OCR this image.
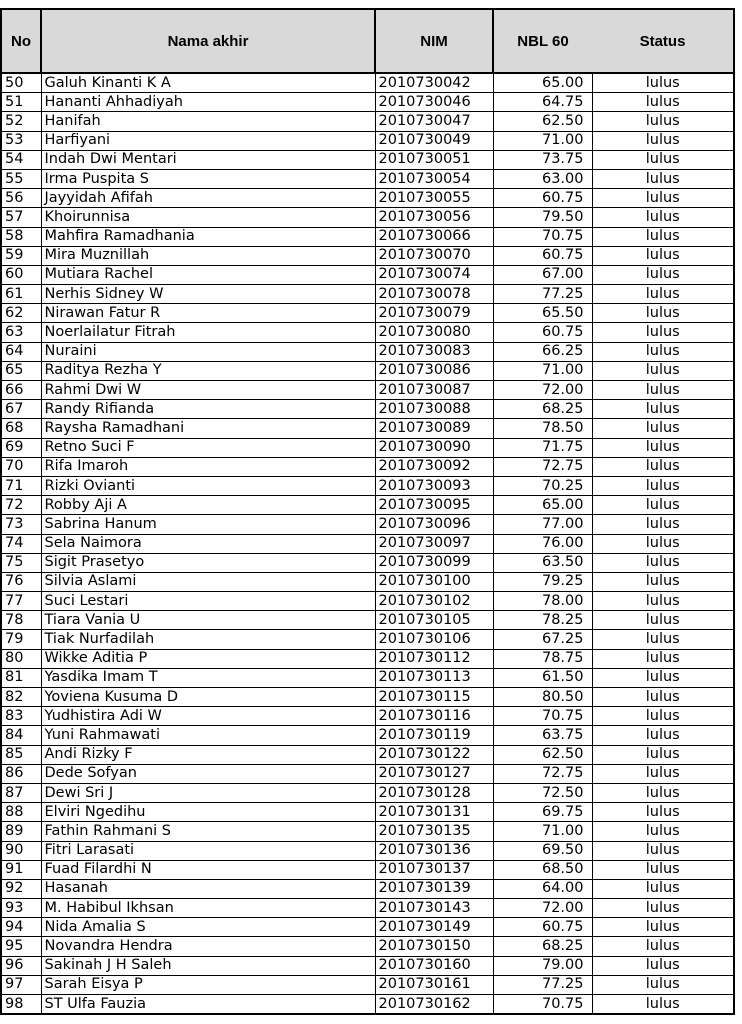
No	Nama akhir	NIM	NBL 60	Status
50	Galuh Kinanti K A	2010730042	65.00	lulus
51	Hananti Ahhadiyah	2010730046	64.75	lulus
52	Hanifah	2010730047	62.50	lulus
53	Harfiyani	2010730049	71.00	lulus
54	Indah Dwi Mentari	2010730051	73.75	lulus
55	Irma Puspita S	2010730054	63.00	lulus
56	Jayyidah Afifah	2010730055	60.75	lulus
57	Khoirunnisa	2010730056	79.50	lulus
58	Mahfira Ramadhania	2010730066	70.75	lulus
59	Mira Muznillah	2010730070	60.75	lulus
60	Mutiara Rachel	2010730074	67.00	lulus
61	Nerhis Sidney W	2010730078	77.25	lulus
62	Nirawan Fatur R	2010730079	65.50	lulus
63	Noerlailatur Fitrah	2010730080	60.75	lulus
64	Nuraini	2010730083	66.25	lulus
65	Raditya Rezha Y	2010730086	71.00	lulus
66	Rahmi Dwi W	2010730087	72.00	lulus
67	Randy Rifianda	2010730088	68.25	lulus
68	Raysha Ramadhani	2010730089	78.50	lulus
69	Retno Suci F	2010730090	71.75	lulus
70	Rifa Imaroh	2010730092	72.75	lulus
71	Rizki Ovianti	2010730093	70.25	lulus
72	Robby Aji A	2010730095	65.00	lulus
73	Sabrina Hanum	2010730096	77.00	lulus
74	Sela Naimora	2010730097	76.00	lulus
75	Sigit Prasetyo	2010730099	63.50	lulus
76	Silvia Aslami	2010730100	79.25	lulus
77	Suci Lestari	2010730102	78.00	lulus
78	Tiara Vania U	2010730105	78.25	lulus
79	Tiak Nurfadilah	2010730106	67.25	lulus
80	Wikke Aditia P	2010730112	78.75	lulus
81	Yasdika Imam T	2010730113	61.50	lulus
82	Yoviena Kusuma D	2010730115	80.50	lulus
83	Yudhistira Adi W	2010730116	70.75	lulus
84	Yuni Rahmawati	2010730119	63.75	lulus
85	Andi Rizky F	2010730122	62.50	lulus
86	Dede Sofyan	2010730127	72.75	lulus
87	Dewi Sri J	2010730128	72.50	lulus
88	Elviri Ngedihu	2010730131	69.75	lulus
89	Fathin Rahmani S	2010730135	71.00	lulus
90	Fitri Larasati	2010730136	69.50	lulus
91	Fuad Filardhi N	2010730137	68.50	lulus
92	Hasanah	2010730139	64.00	lulus
93	M. Habibul Ikhsan	2010730143	72.00	lulus
94	Nida Amalia S	2010730149	60.75	lulus
95	Novandra Hendra	2010730150	68.25	lulus
96	Sakinah J H Saleh	2010730160	79.00	lulus
97	Sarah Eisya P	2010730161	77.25	lulus
98	ST Ulfa Fauzia	2010730162	70.75	lulus
